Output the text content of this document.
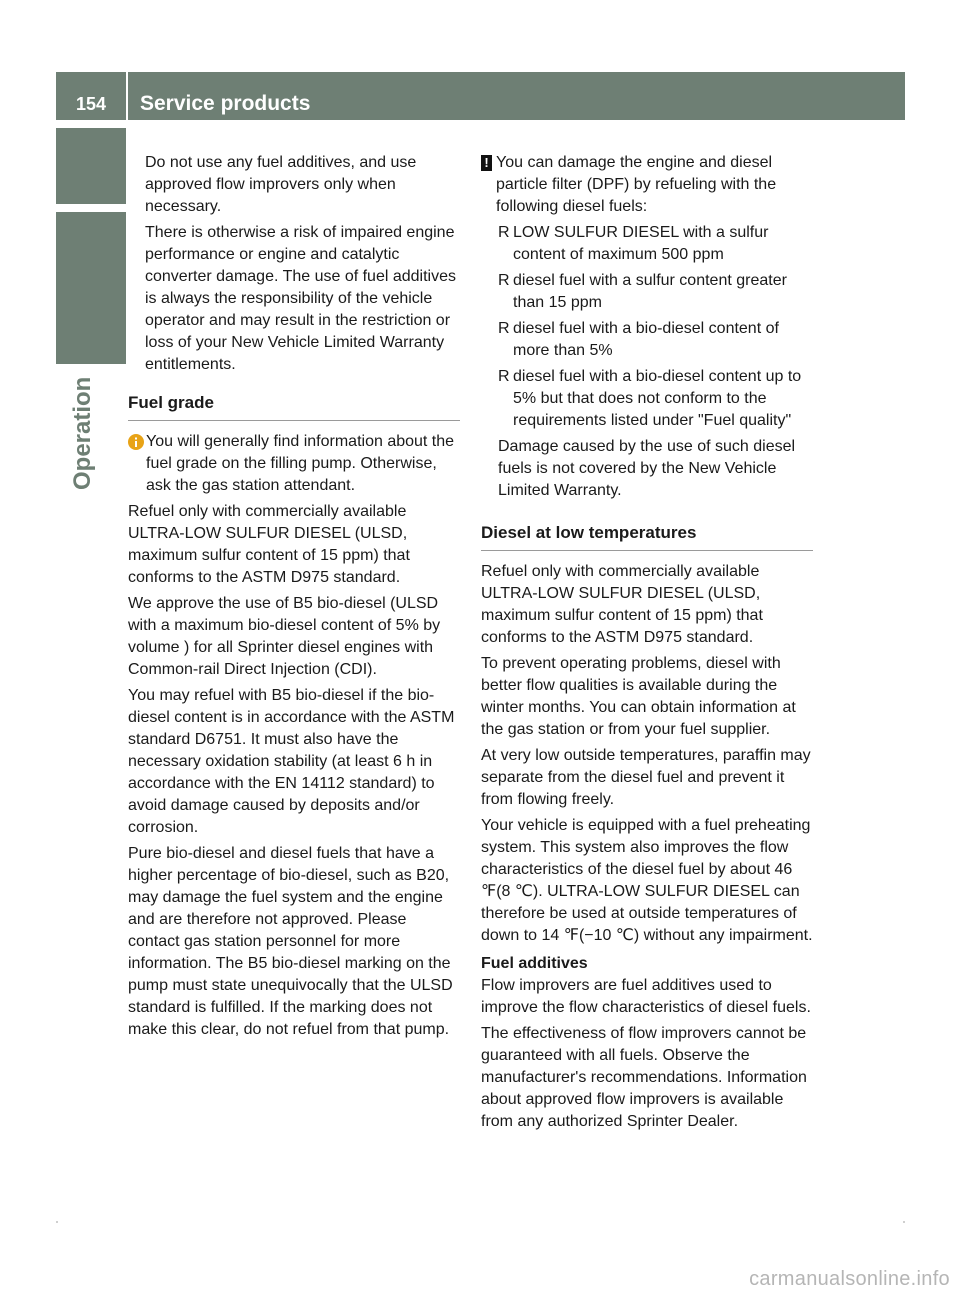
154	Service products
Operation

Do not use any fuel additives, and use approved flow improvers only when necessary.

There is otherwise a risk of impaired engine performance or engine and catalytic converter damage. The use of fuel additives is always the responsibility of the vehicle operator and may result in the restriction or loss of your New Vehicle Limited Warranty entitlements.

Fuel grade
You will generally find information about the fuel grade on the filling pump. Otherwise, ask the gas station attendant.

Refuel only with commercially available ULTRA-LOW SULFUR DIESEL (ULSD, maximum sulfur content of 15 ppm) that conforms to the ASTM D975 standard.

We approve the use of B5 bio-diesel (ULSD with a maximum bio-diesel content of 5% by volume ) for all Sprinter diesel engines with Common-rail Direct Injection (CDI).

You may refuel with B5 bio-diesel if the bio-diesel content is in accordance with the ASTM standard D6751. It must also have the necessary oxidation stability (at least 6 h in accordance with the EN 14112 standard) to avoid damage caused by deposits and/or corrosion.

Pure bio-diesel and diesel fuels that have a higher percentage of bio-diesel, such as B20, may damage the fuel system and the engine and are therefore not approved. Please contact gas station personnel for more information. The B5 bio-diesel marking on the pump must state unequivocally that the ULSD standard is fulfilled. If the marking does not make this clear, do not refuel from that pump.

! You can damage the engine and diesel particle filter (DPF) by refueling with the following diesel fuels:
R LOW SULFUR DIESEL with a sulfur content of maximum 500 ppm
R diesel fuel with a sulfur content greater than 15 ppm
R diesel fuel with a bio-diesel content of more than 5%
R diesel fuel with a bio-diesel content up to 5% but that does not conform to the requirements listed under "Fuel quality"

Damage caused by the use of such diesel fuels is not covered by the New Vehicle Limited Warranty.

Diesel at low temperatures

Refuel only with commercially available ULTRA-LOW SULFUR DIESEL (ULSD, maximum sulfur content of 15 ppm) that conforms to the ASTM D975 standard.

To prevent operating problems, diesel with better flow qualities is available during the winter months. You can obtain information at the gas station or from your fuel supplier.

At very low outside temperatures, paraffin may separate from the diesel fuel and prevent it from flowing freely.

Your vehicle is equipped with a fuel preheating system. This system also improves the flow characteristics of the diesel fuel by about 46 ℉(8 ℃). ULTRA-LOW SULFUR DIESEL can therefore be used at outside temperatures of down to 14 ℉(−10 ℃) without any impairment.

Fuel additives

Flow improvers are fuel additives used to improve the flow characteristics of diesel fuels.

The effectiveness of flow improvers cannot be guaranteed with all fuels. Observe the manufacturer's recommendations. Information about approved flow improvers is available from any authorized Sprinter Dealer.

carmanualsonline.info
